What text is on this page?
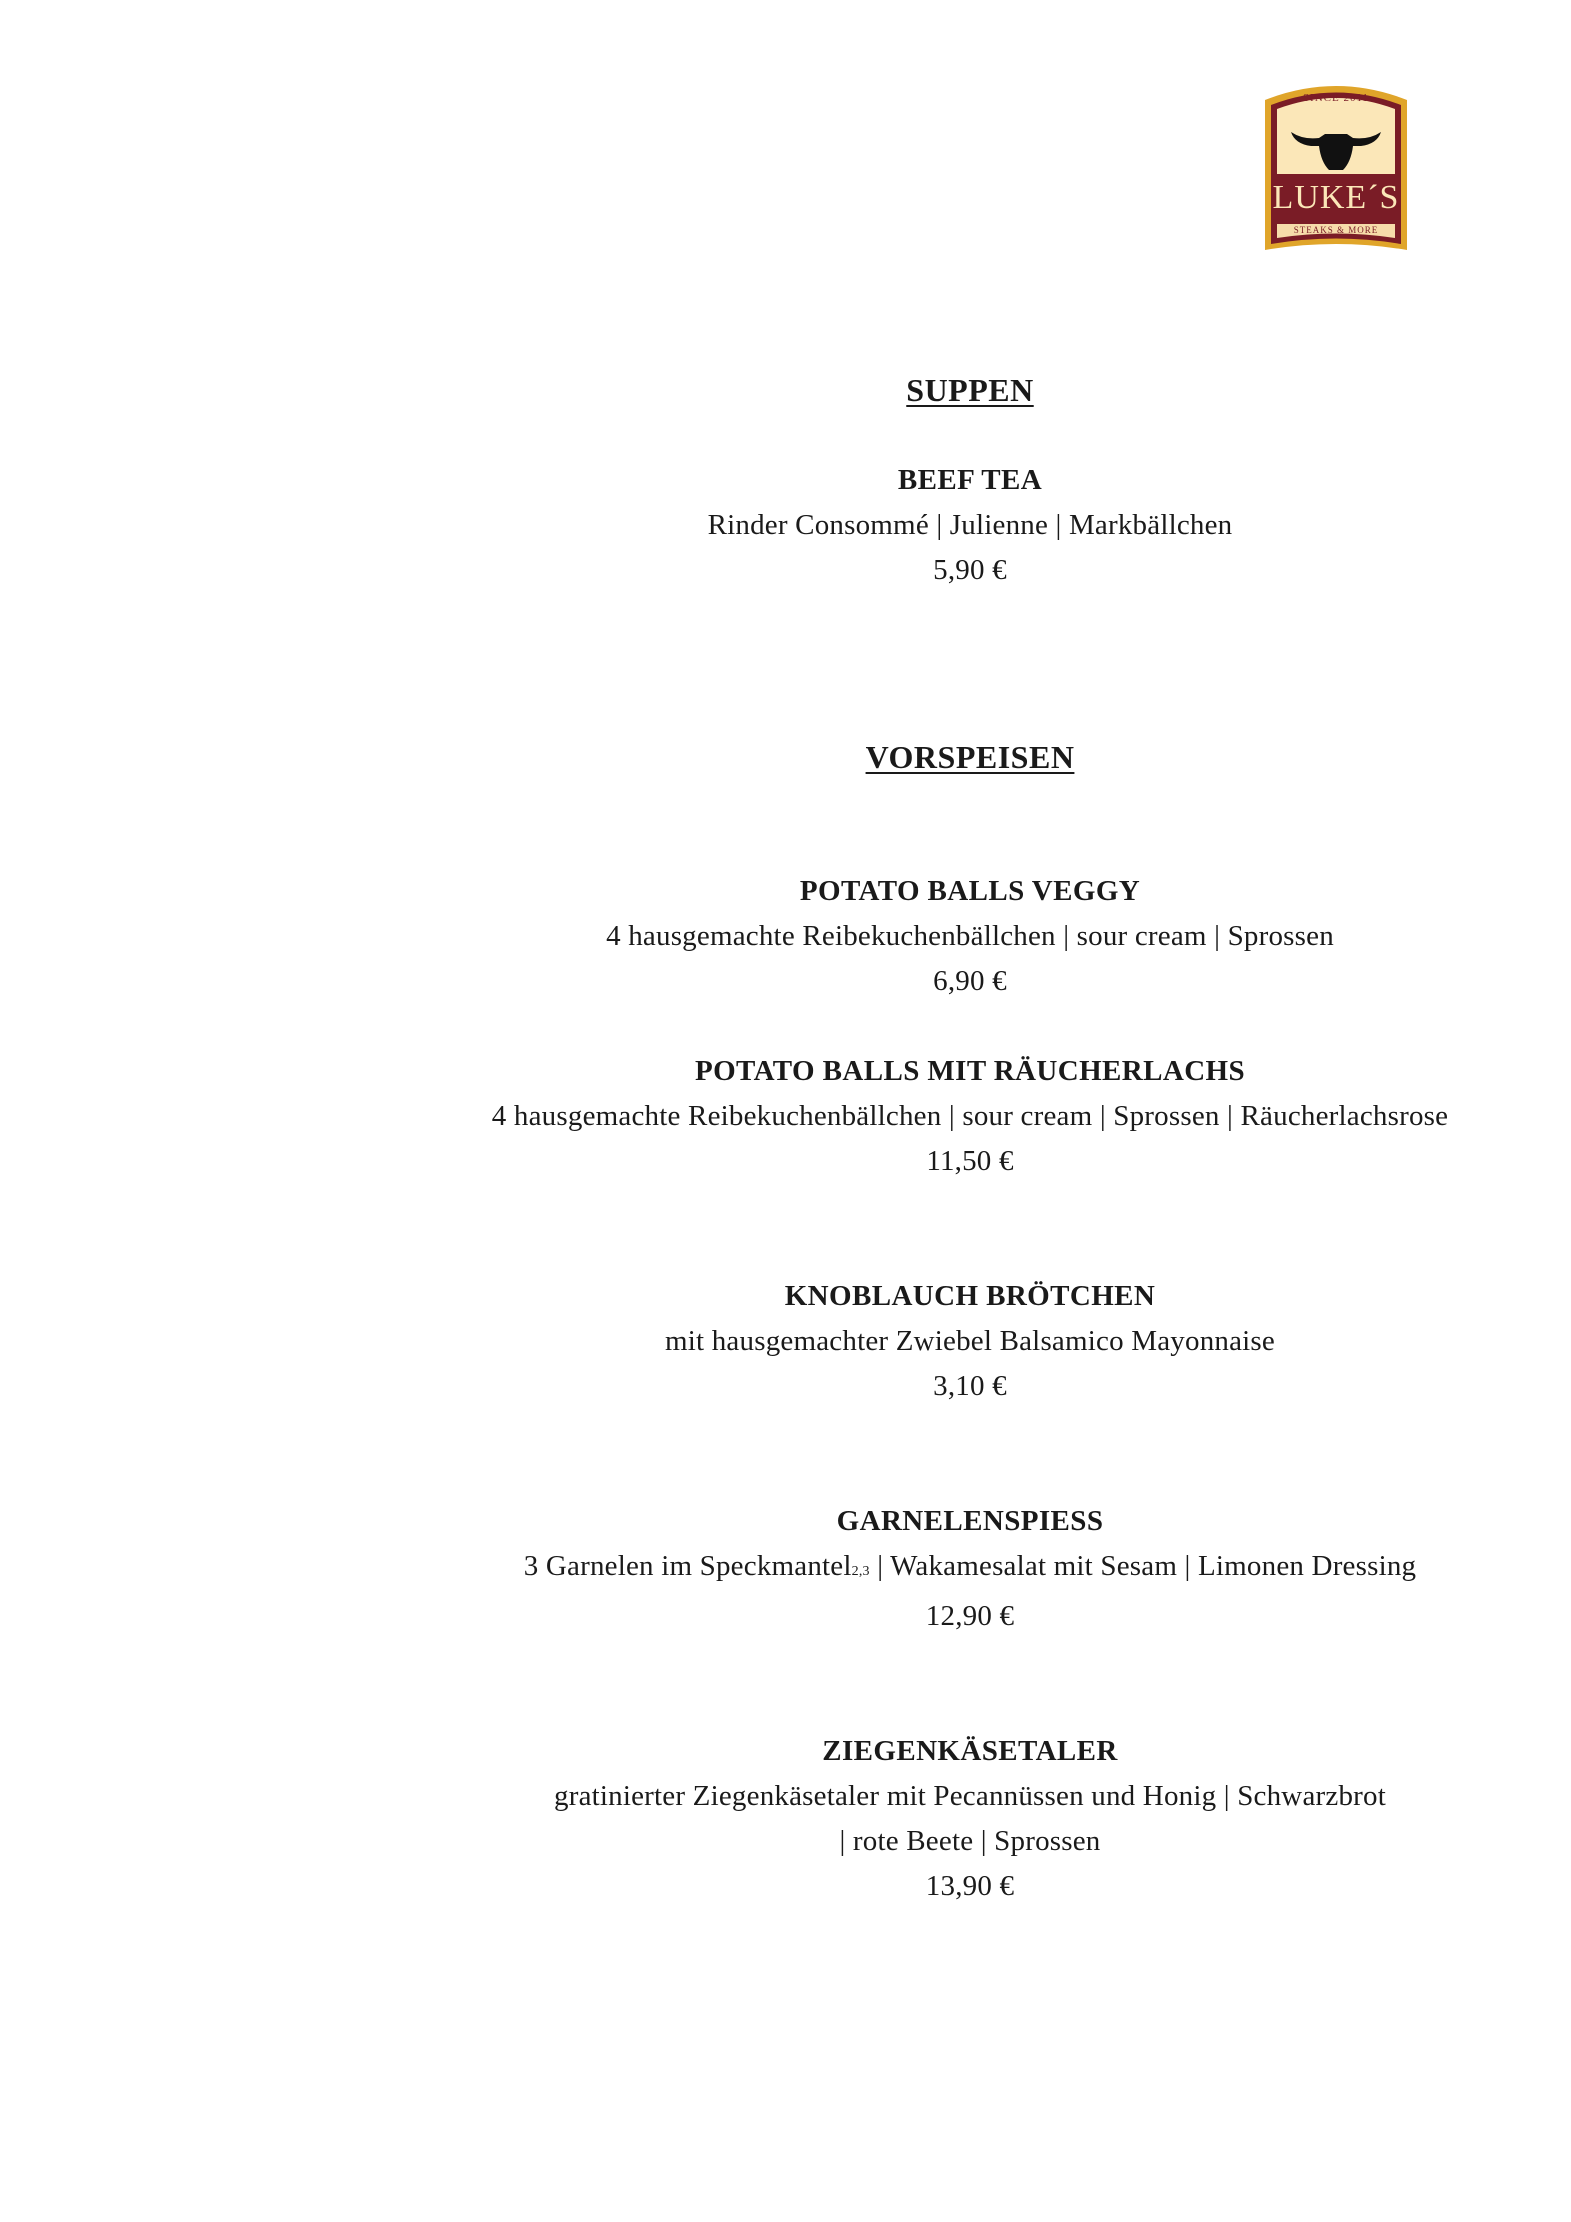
SINCE 2011
LUKE´S
STEAKS & MORE
SUPPEN
BEEF TEA
Rinder Consommé | Julienne | Markbällchen
5,90 €
VORSPEISEN
POTATO BALLS VEGGY
4 hausgemachte Reibekuchenbällchen | sour cream | Sprossen
6,90 €
POTATO BALLS MIT RÄUCHERLACHS
4 hausgemachte Reibekuchenbällchen | sour cream | Sprossen | Räucherlachsrose
11,50 €
KNOBLAUCH BRÖTCHEN
mit hausgemachter Zwiebel Balsamico Mayonnaise
3,10 €
GARNELENSPIESS
3 Garnelen im Speckmantel2,3 | Wakamesalat mit Sesam | Limonen Dressing
12,90 €
ZIEGENKÄSETALER
gratinierter Ziegenkäsetaler mit Pecannüssen und Honig | Schwarzbrot
| rote Beete | Sprossen
13,90 €
